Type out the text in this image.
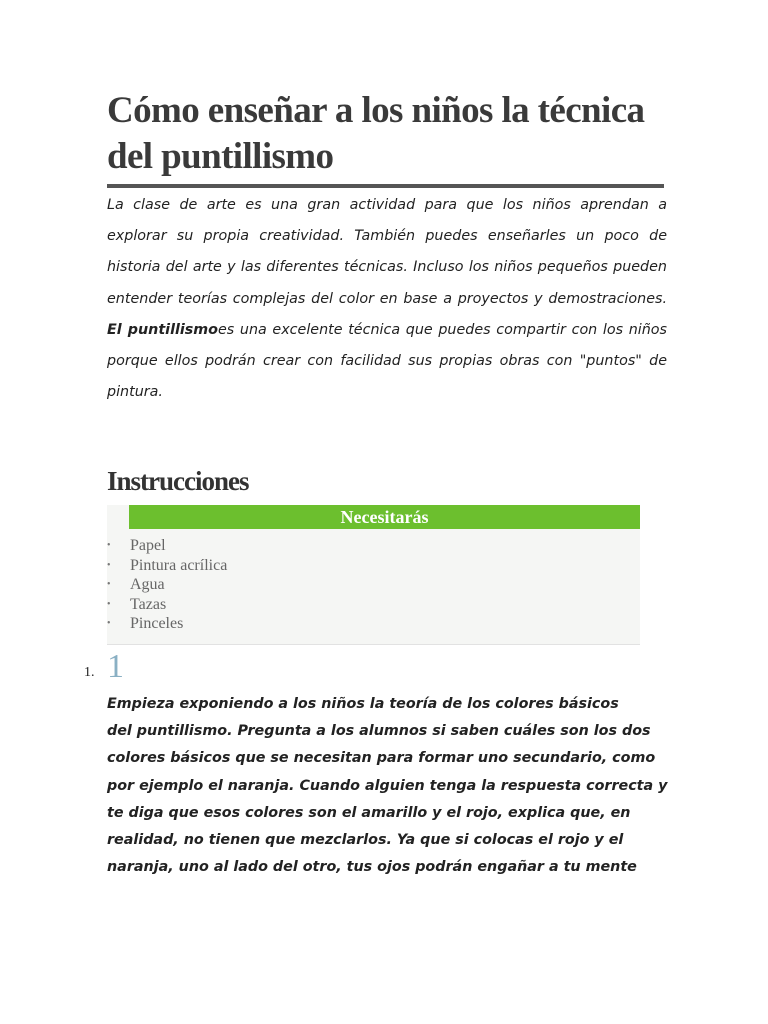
Cómo enseñar a los niños la técnica del puntillismo

La clase de arte es una gran actividad para que los niños aprendan a explorar su propia creatividad. También puedes enseñarles un poco de historia del arte y las diferentes técnicas. Incluso los niños pequeños pueden entender teorías complejas del color en base a proyectos y demostraciones. El puntillismoes una excelente técnica que puedes compartir con los niños porque ellos podrán crear con facilidad sus propias obras con "puntos" de pintura.

Instrucciones
Necesitarás
•	Papel
•	Pintura acrílica
•	Agua
•	Tazas
•	Pinceles
1. 1

Empieza exponiendo a los niños la teoría de los colores básicos
del puntillismo. Pregunta a los alumnos si saben cuáles son los dos
colores básicos que se necesitan para formar uno secundario, como
por ejemplo el naranja. Cuando alguien tenga la respuesta correcta y
te diga que esos colores son el amarillo y el rojo, explica que, en
realidad, no tienen que mezclarlos. Ya que si colocas el rojo y el
naranja, uno al lado del otro, tus ojos podrán engañar a tu mente
